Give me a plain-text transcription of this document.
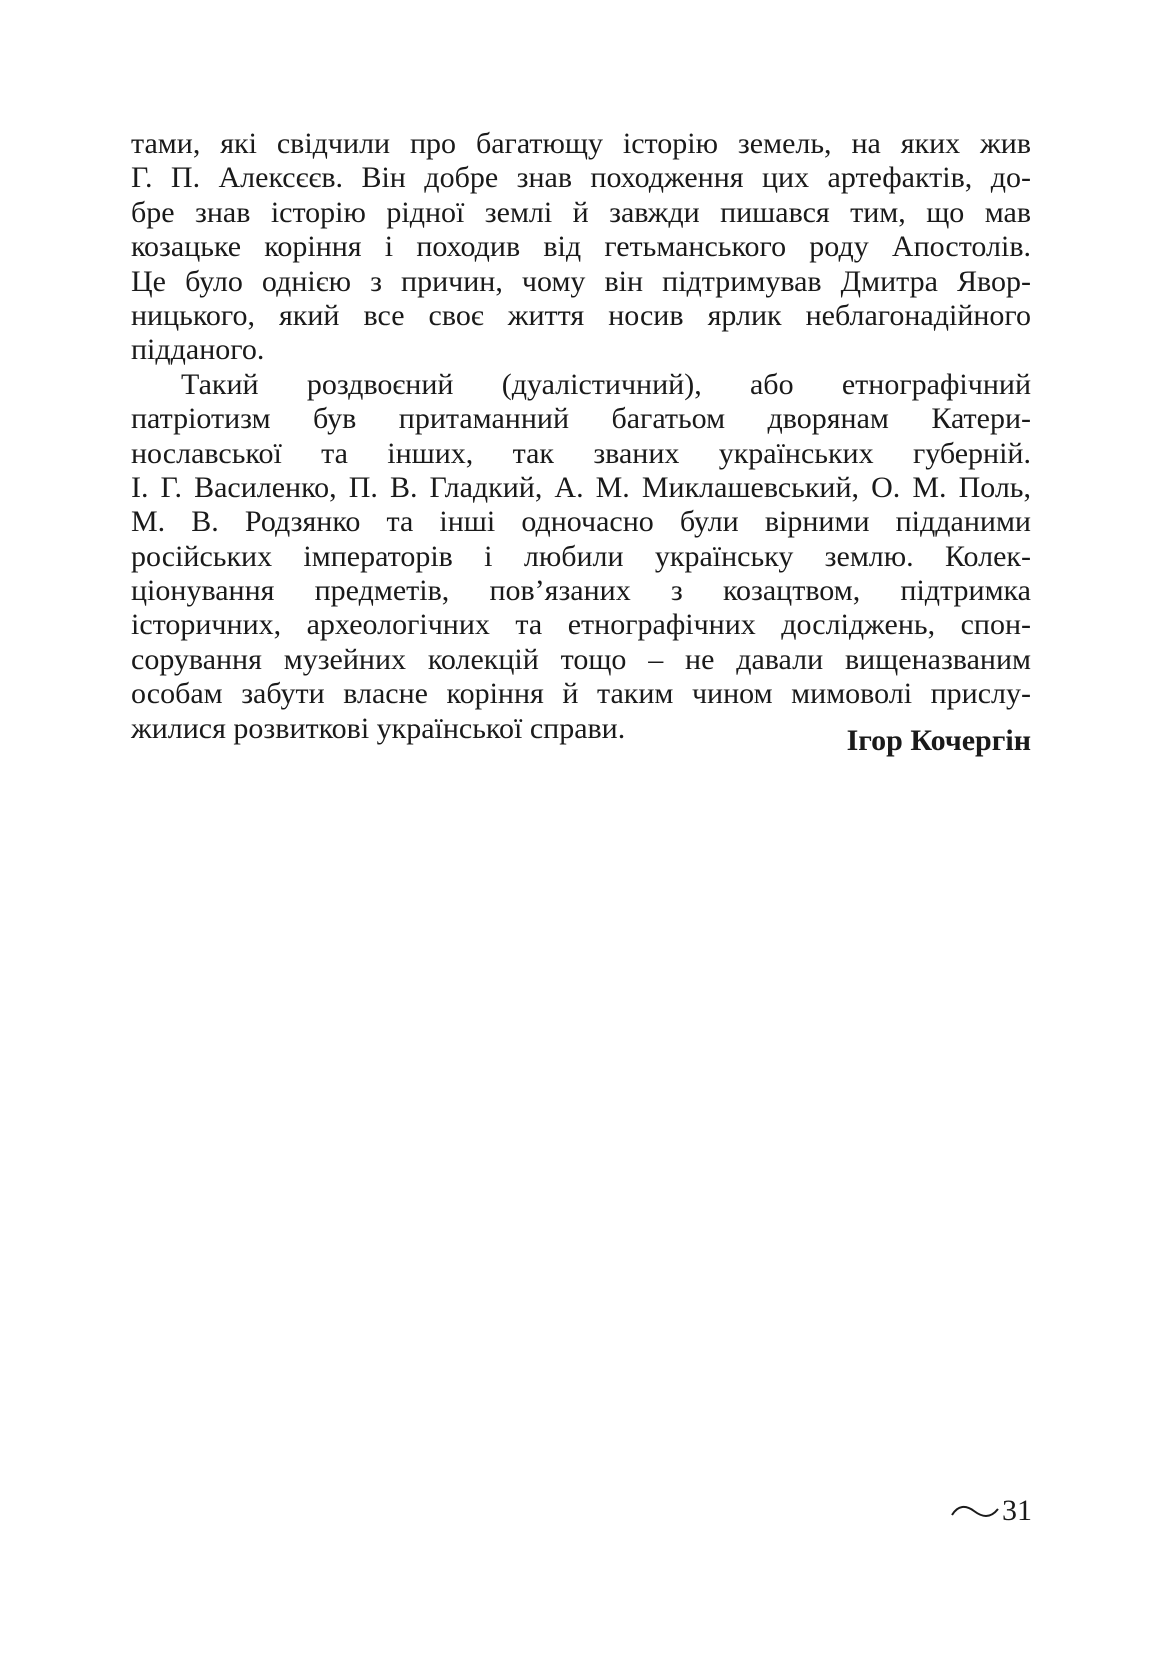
тами, які свідчили про багатющу історію земель, на яких жив
Г. П. Алексєєв. Він добре знав походження цих артефактів, до-
бре знав історію рідної землі й завжди пишався тим, що мав
козацьке коріння і походив від гетьманського роду Апостолів.
Це було однією з причин, чому він підтримував Дмитра Явор-
ницького, який все своє життя носив ярлик неблагонадійного
підданого.
Такий роздвоєний (дуалістичний), або етнографічний
патріотизм був притаманний багатьом дворянам Катери-
нославської та інших, так званих українських губерній.
І. Г. Василенко, П. В. Гладкий, А. М. Миклашевський, О. М. Поль,
М. В. Родзянко та інші одночасно були вірними підданими
російських імператорів і любили українську землю. Колек-
ціонування предметів, пов’язаних з козацтвом, підтримка
історичних, археологічних та етнографічних досліджень, спон-
сорування музейних колекцій тощо – не давали вищеназваним
особам забути власне коріння й таким чином мимоволі прислу-
жилися розвиткові української справи.	Ігор Кочергін
31
